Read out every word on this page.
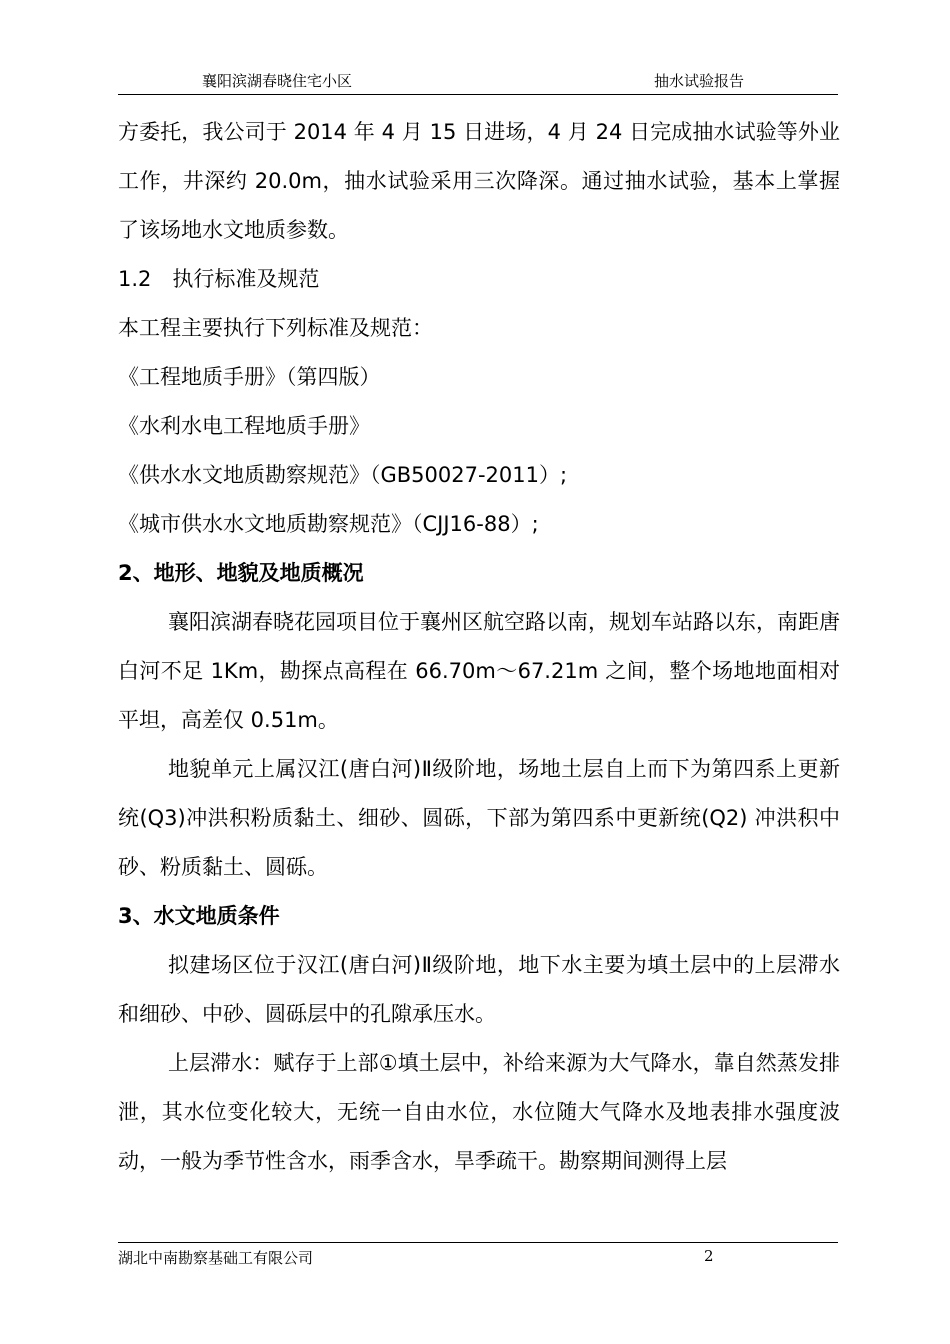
襄阳滨湖春晓住宅小区	抽水试验报告

方委托，我公司于 2014 年 4 月 15 日进场，4 月 24 日完成抽水试验等外业工作，井深约 20.0m，抽水试验采用三次降深。通过抽水试验，基本上掌握了该场地水文地质参数。

1.2　执行标准及规范

本工程主要执行下列标准及规范：

《工程地质手册》（第四版）

《水利水电工程地质手册》

《供水水文地质勘察规范》（GB50027-2011）;

《城市供水水文地质勘察规范》（CJJ16-88）;

2、地形、地貌及地质概况

襄阳滨湖春晓花园项目位于襄州区航空路以南，规划车站路以东，南距唐白河不足 1Km，勘探点高程在 66.70m～67.21m 之间，整个场地地面相对平坦，高差仅 0.51m。

地貌单元上属汉江(唐白河)Ⅱ级阶地，场地土层自上而下为第四系上更新统(Q3)冲洪积粉质黏土、细砂、圆砾，下部为第四系中更新统(Q2) 冲洪积中砂、粉质黏土、圆砾。

3、水文地质条件

拟建场区位于汉江(唐白河)Ⅱ级阶地，地下水主要为填土层中的上层滞水和细砂、中砂、圆砾层中的孔隙承压水。

上层滞水：赋存于上部①填土层中，补给来源为大气降水，靠自然蒸发排泄，其水位变化较大，无统一自由水位，水位随大气降水及地表排水强度波动，一般为季节性含水，雨季含水，旱季疏干。勘察期间测得上层

湖北中南勘察基础工有限公司	2
